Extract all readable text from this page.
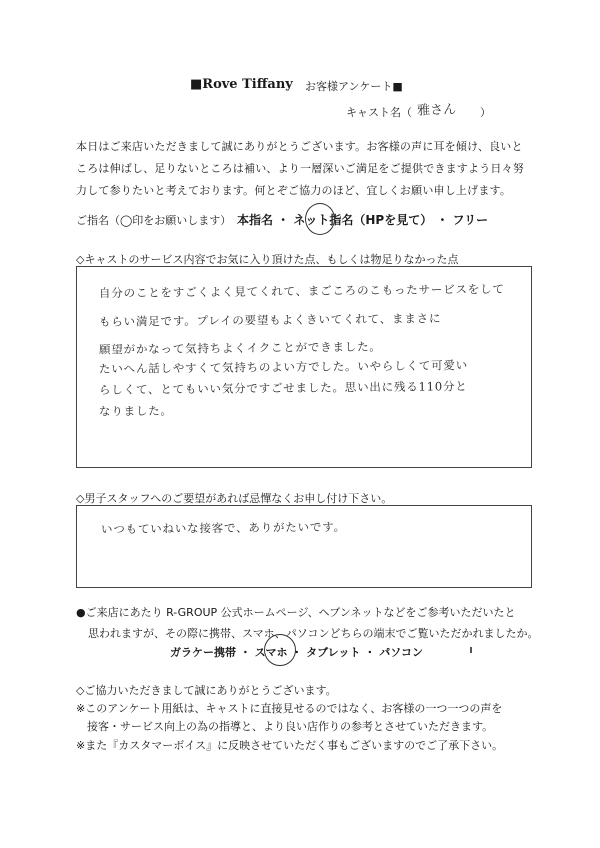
■Rove Tiffany お客様アンケート■
キャスト名（ 雅さん ）
本日はご来店いただきまして誠にありがとうございます。お客様の声に耳を傾け、良いと
ころは伸ばし、足りないところは補い、より一層深いご満足をご提供できますよう日々努
力して参りたいと考えております。何とぞご協力のほど、宜しくお願い申し上げます。
ご指名（◯印をお願いします） 本指名 ・ ネット指名（HPを見て） ・ フリー
◇キャストのサービス内容でお気に入り頂けた点、もしくは物足りなかった点
自分のことをすごくよく見てくれて、まごころのこもったサービスをして
もらい満足です。プレイの要望もよくきいてくれて、ままさに
願望がかなって気持ちよくイクことができました。
たいへん話しやすくて気持ちのよい方でした。いやらしくて可愛い
らしくて、とてもいい気分ですごせました。思い出に残る110分と
なりました。
◇男子スタッフへのご要望があれば忌憚なくお申し付け下さい。
いつもていねいな接客で、ありがたいです。
●ご来店にあたり R-GROUP 公式ホームページ、ヘブンネットなどをご参考いただいたと
思われますが、その際に携帯、スマホ、パソコンどちらの端末でご覧いただかれましたか。
ガラケー携帯 ・ スマホ ・ タブレット ・ パソコン
◇ご協力いただきまして誠にありがとうございます。
※このアンケート用紙は、キャストに直接見せるのではなく、お客様の一つ一つの声を
　接客・サービス向上の為の指導と、より良い店作りの参考とさせていただきます。
※また『カスタマーボイス』に反映させていただく事もございますのでご了承下さい。
